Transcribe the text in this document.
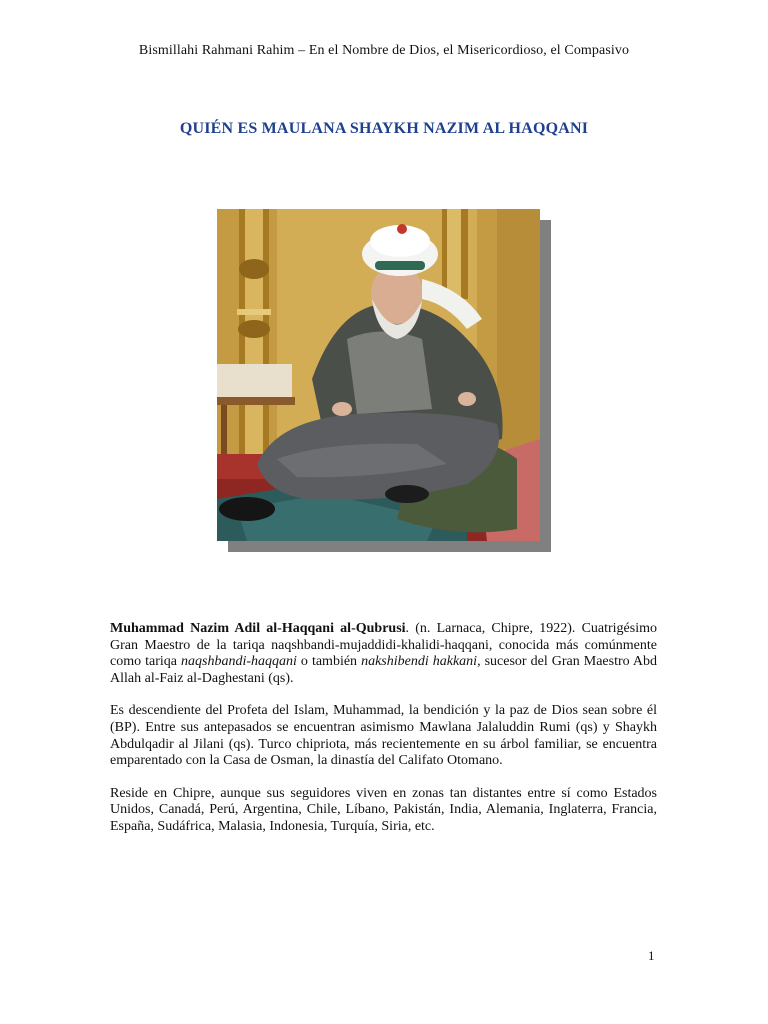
Bismillahi Rahmani Rahim – En el Nombre de Dios, el Misericordioso, el Compasivo
QUIÉN ES MAULANA SHAYKH NAZIM AL HAQQANI

Muhammad Nazim Adil al-Haqqani al-Qubrusi. (n. Larnaca, Chipre, 1922). Cuatrigésimo Gran Maestro de la tariqa naqshbandi-mujaddidi-khalidi-haqqani, conocida más comúnmente como tariqa naqshbandi-haqqani o también nakshibendi hakkani, sucesor del Gran Maestro Abd Allah al-Faiz al-Daghestani (qs).

Es descendiente del Profeta del Islam, Muhammad, la bendición y la paz de Dios sean sobre él (BP). Entre sus antepasados se encuentran asimismo Mawlana Jalaluddin Rumi (qs) y Shaykh Abdulqadir al Jilani (qs). Turco chipriota, más recientemente en su árbol familiar, se encuentra emparentado con la Casa de Osman, la dinastía del Califato Otomano.

Reside en Chipre, aunque sus seguidores viven en zonas tan distantes entre sí como Estados Unidos, Canadá, Perú, Argentina, Chile, Líbano, Pakistán, India, Alemania, Inglaterra, Francia, España, Sudáfrica, Malasia, Indonesia, Turquía, Siria, etc.

1
